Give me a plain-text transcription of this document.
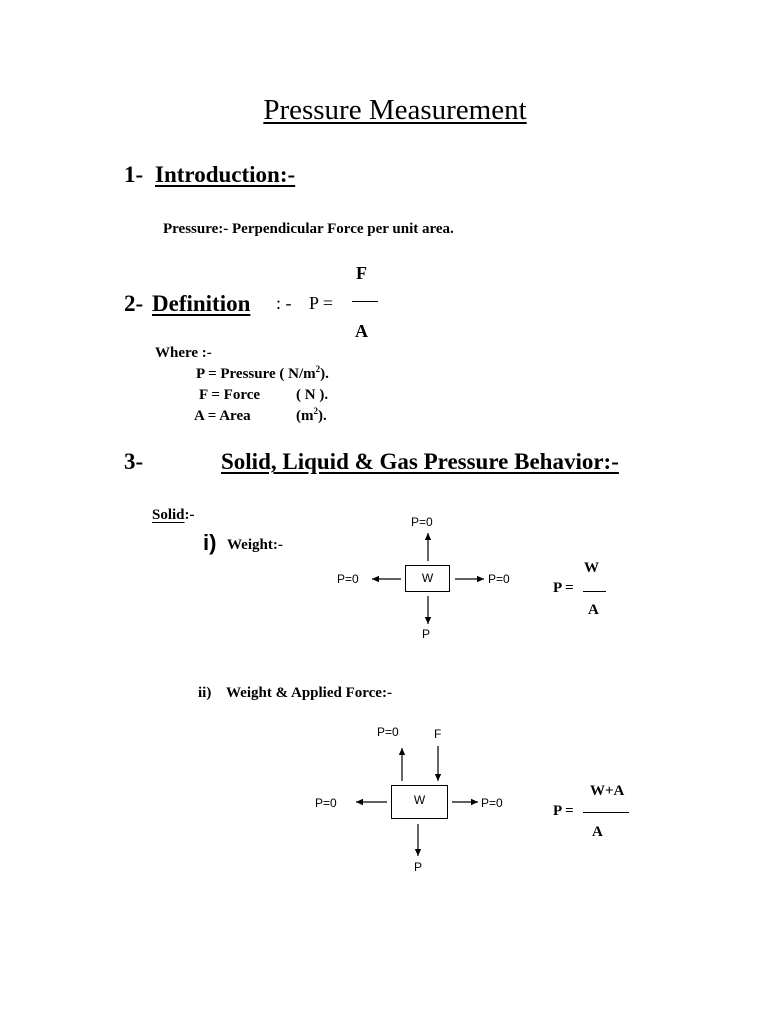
Pressure Measurement
1- Introduction:-
Pressure:- Perpendicular Force per unit area.
2- Definition : - P =
F
A
Where :-
P = Pressure ( $N/m^2$).
F = Force ( N ).
A = Area	$(m^2)$.
3-	Solid, Liquid & Gas Pressure Behavior:-
Solid:-
i) Weight:-
P=0
P=0	P=0
P
W
P =
W
A
ii) Weight & Applied Force:-
P=0	F
P=0	P=0
P
W
P =
W+A
A
